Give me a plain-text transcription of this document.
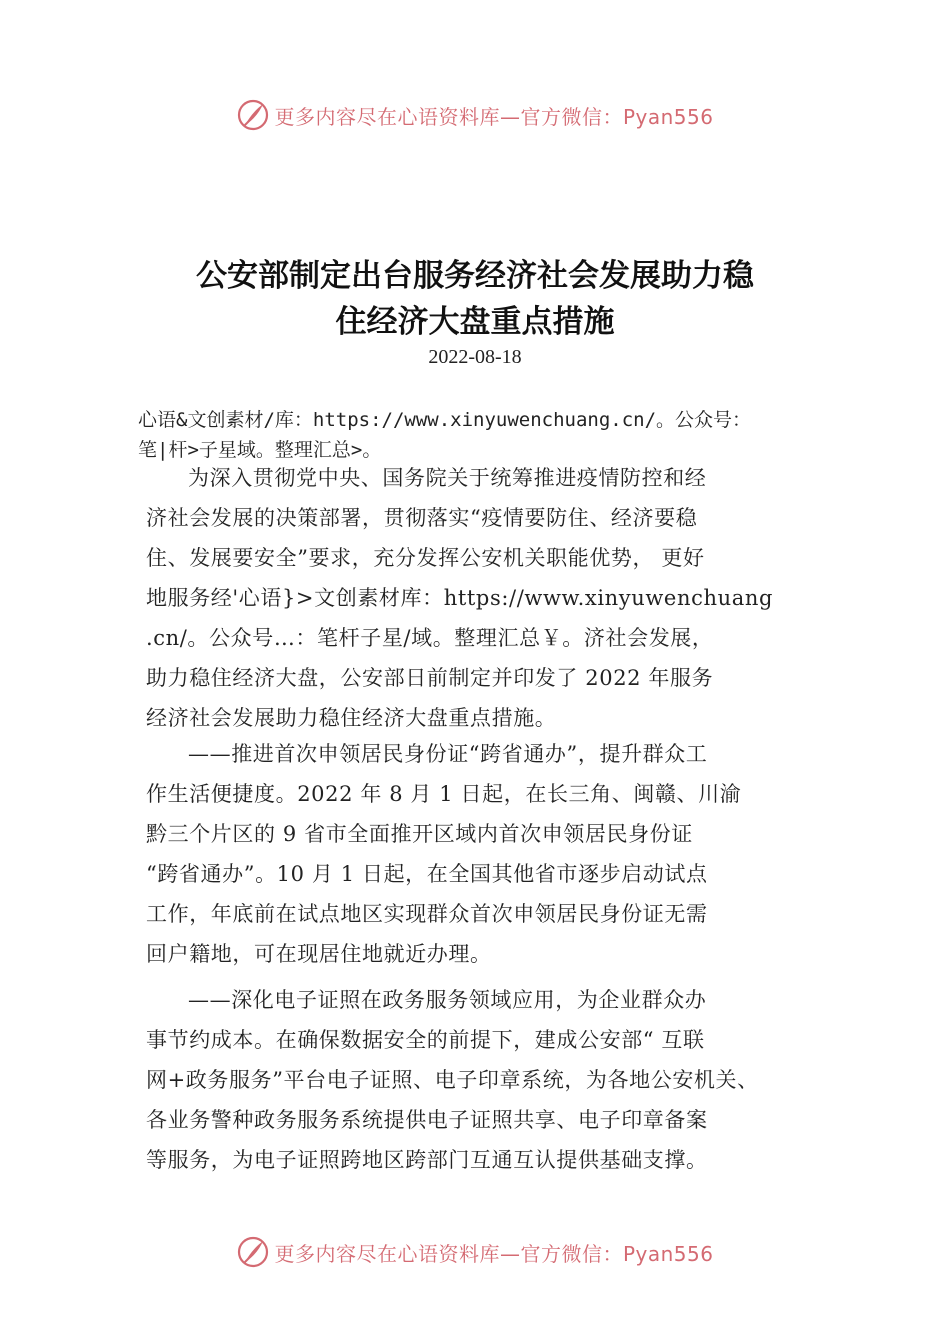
更多内容尽在心语资料库—官方微信：Pyan556
公安部制定出台服务经济社会发展助力稳
住经济大盘重点措施
2022-08-18
心语&文创素材/库：https://www.xinyuwenchuang.cn/。公众号：
笔|杆>子星域。整理汇总>。
为深入贯彻党中央、国务院关于统筹推进疫情防控和经
济社会发展的决策部署，贯彻落实“疫情要防住、经济要稳
住、发展要安全”要求，充分发挥公安机关职能优势， 更好
地服务经'心语}>文创素材库：https://www.xinyuwenchuang
.cn/。公众号…：笔杆子星/域。整理汇总￥。济社会发展，
助力稳住经济大盘，公安部日前制定并印发了 2022 年服务
经济社会发展助力稳住经济大盘重点措施。
——推进首次申领居民身份证“跨省通办”，提升群众工
作生活便捷度。2022 年 8 月 1 日起，在长三角、闽赣、川渝
黔三个片区的 9 省市全面推开区域内首次申领居民身份证
“跨省通办”。10 月 1 日起，在全国其他省市逐步启动试点
工作，年底前在试点地区实现群众首次申领居民身份证无需
回户籍地，可在现居住地就近办理。
——深化电子证照在政务服务领域应用，为企业群众办
事节约成本。在确保数据安全的前提下，建成公安部“ 互联
网+政务服务”平台电子证照、电子印章系统，为各地公安机关、
各业务警种政务服务系统提供电子证照共享、电子印章备案
等服务，为电子证照跨地区跨部门互通互认提供基础支撑。
更多内容尽在心语资料库—官方微信：Pyan556
